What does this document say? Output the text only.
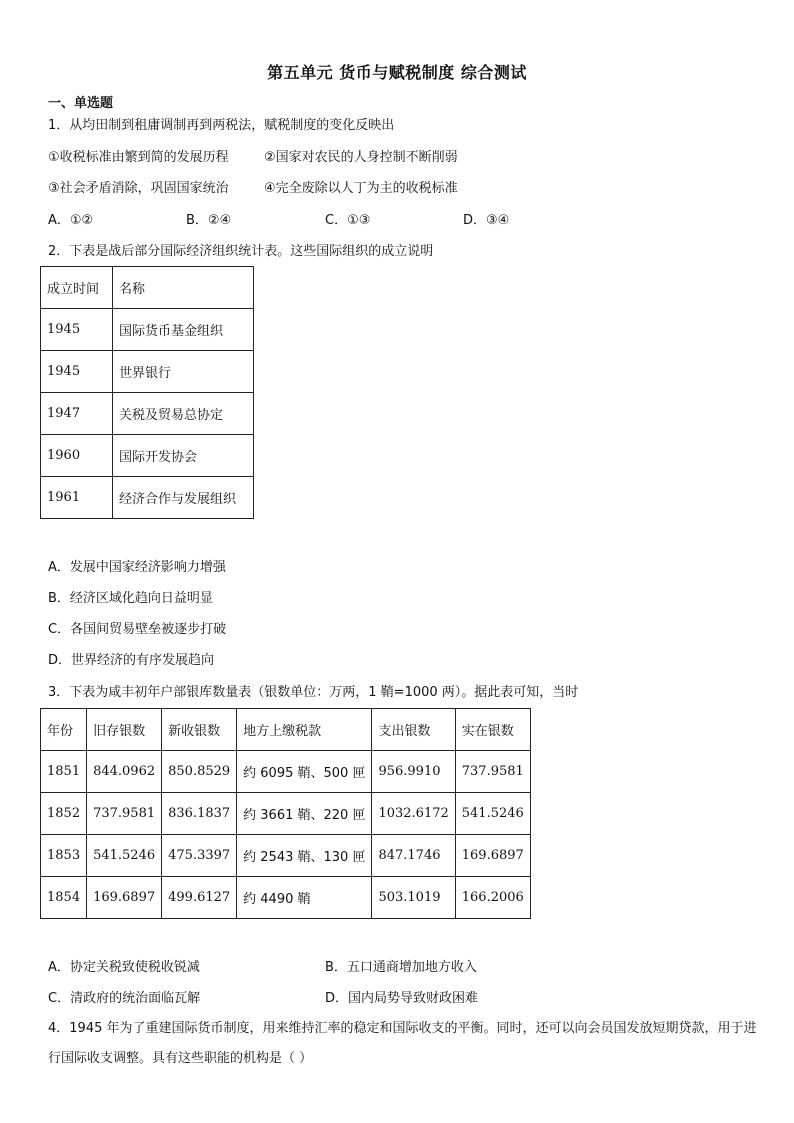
第五单元 货币与赋税制度 综合测试
一、单选题
1．从均田制到租庸调制再到两税法，赋税制度的变化反映出
①收税标准由繁到简的发展历程	②国家对农民的人身控制不断削弱
③社会矛盾消除，巩固国家统治	④完全废除以人丁为主的收税标准
A．①②	B．②④	C．①③	D．③④
2．下表是战后部分国际经济组织统计表。这些国际组织的成立说明
成立时间	名称
1945	国际货币基金组织
1945	世界银行
1947	关税及贸易总协定
1960	国际开发协会
1961	经济合作与发展组织
A．发展中国家经济影响力增强
B．经济区域化趋向日益明显
C．各国间贸易壁垒被逐步打破
D．世界经济的有序发展趋向
3．下表为咸丰初年户部银库数量表（银数单位：万两，1 鞘=1000 两）。据此表可知，当时
年份	旧存银数	新收银数	地方上缴税款	支出银数	实在银数
1851	844.0962	850.8529	约 6095 鞘、500 匣	956.9910	737.9581
1852	737.9581	836.1837	约 3661 鞘、220 匣	1032.6172	541.5246
1853	541.5246	475.3397	约 2543 鞘、130 匣	847.1746	169.6897
1854	169.6897	499.6127	约 4490 鞘	503.1019	166.2006
A．协定关税致使税收锐减	B．五口通商增加地方收入
C．清政府的统治面临瓦解	D．国内局势导致财政困难
4．1945 年为了重建国际货币制度，用来维持汇率的稳定和国际收支的平衡。同时，还可以向会员国发放短期贷款，用于进行国际收支调整。具有这些职能的机构是（ ）
